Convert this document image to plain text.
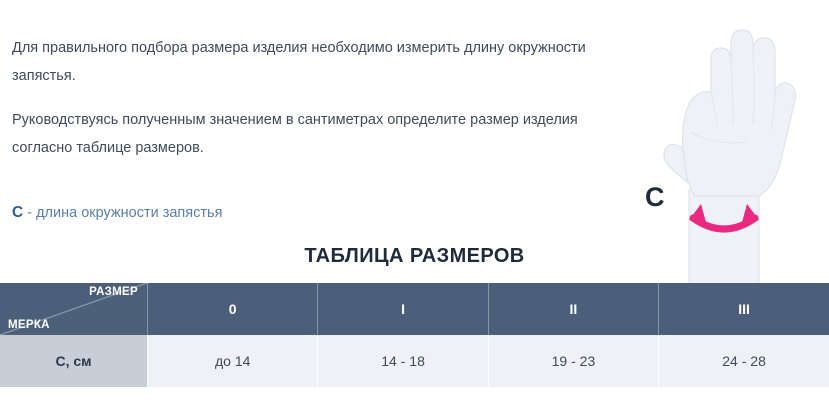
Для правильного подбора размера изделия необходимо измерить длину окружности запястья.

Руководствуясь полученным значением в сантиметрах определите размер изделия согласно таблице размеров.

C - длина окружности запястья
C
ТАБЛИЦА РАЗМЕРОВ
РАЗМЕР
МЕРКА	0	I	II	III
C, см	до 14	14 - 18	19 - 23	24 - 28
